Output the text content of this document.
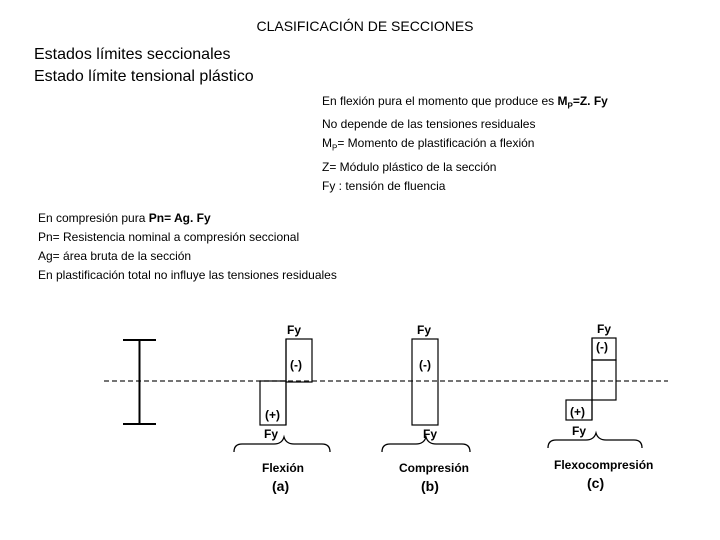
CLASIFICACIÓN DE SECCIONES
Estados límites seccionales
Estado límite tensional plástico
En flexión pura el momento que produce es $M_P=Z$. Fy
No depende de las tensiones residuales
$M_P=$ Momento de plastificación a flexión
Z= Módulo plástico de la sección
Fy : tensión de fluencia
En compresión pura Pn= Ag. Fy
Pn= Resistencia nominal a compresión seccional
Ag= área bruta de la sección
En plastificación total no influye las tensiones residuales
Fy
(-)
(+)
Fy
Flexión
(a)
Fy
(-)
Fy
Compresión
(b)
Fy
(-)
(+)
Fy
Flexocompresión
(c)
